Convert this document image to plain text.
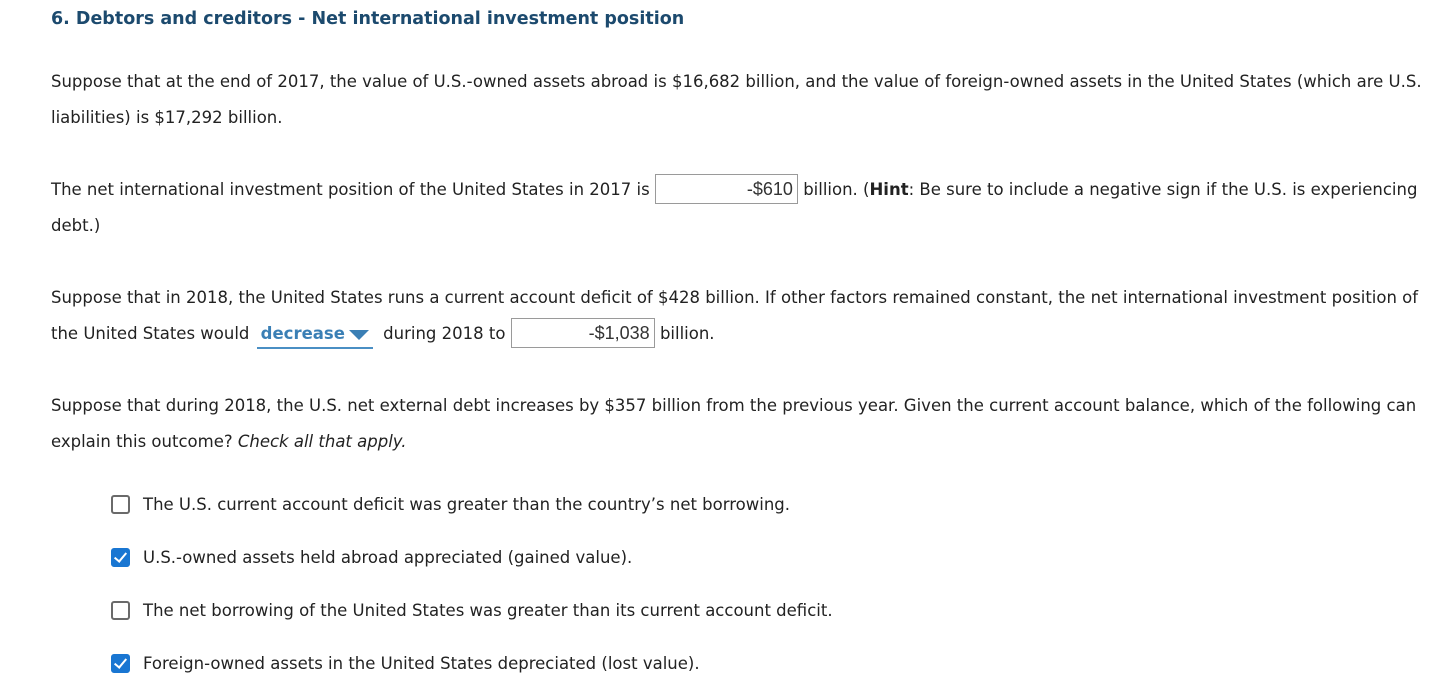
6. Debtors and creditors - Net international investment position
Suppose that at the end of 2017, the value of U.S.-owned assets abroad is $16,682 billion, and the value of foreign-owned assets in the United States (which are U.S. liabilities) is $17,292 billion.
The net international investment position of the United States in 2017 is	-$610 billion. (Hint: Be sure to include a negative sign if the U.S. is experiencing debt.)
Suppose that in 2018, the United States runs a current account deficit of $428 billion. If other factors remained constant, the net international investment position of the United States would decrease during 2018 to	-$1,038 billion.
Suppose that during 2018, the U.S. net external debt increases by $357 billion from the previous year. Given the current account balance, which of the following can explain this outcome? Check all that apply.
The U.S. current account deficit was greater than the country’s net borrowing.
U.S.-owned assets held abroad appreciated (gained value).
The net borrowing of the United States was greater than its current account deficit.
Foreign-owned assets in the United States depreciated (lost value).
